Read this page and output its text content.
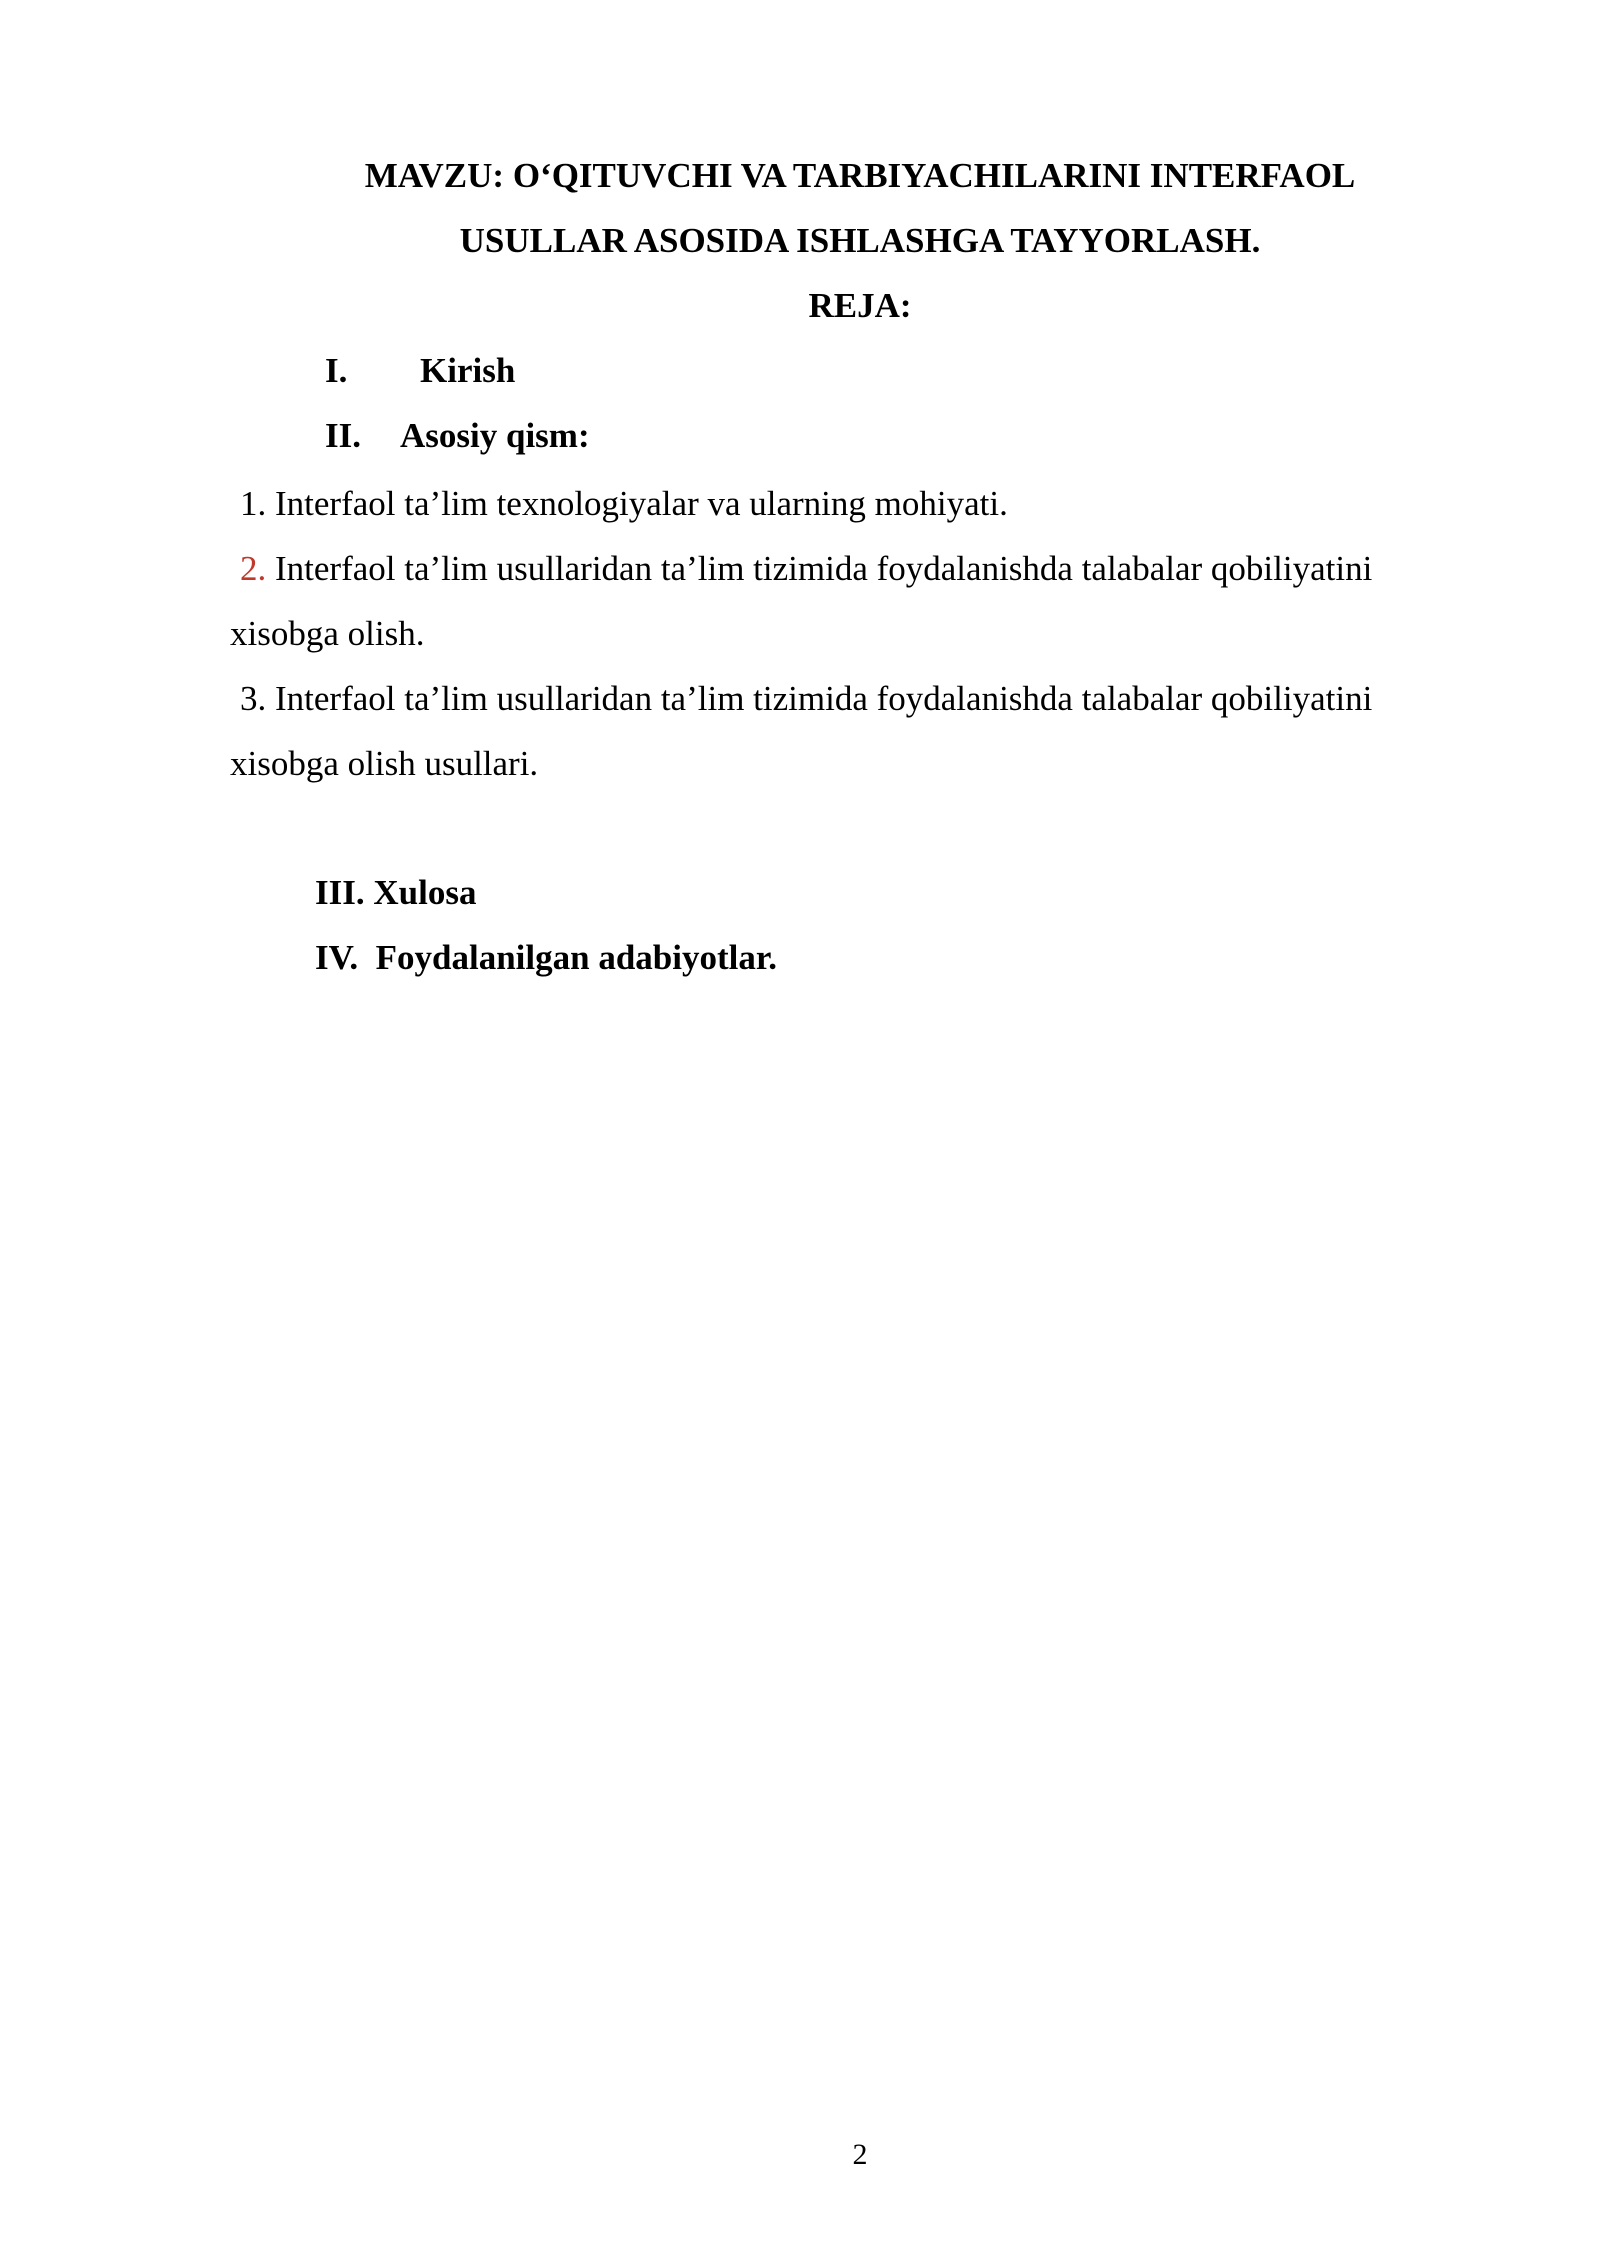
MAVZU: O‘QITUVCHI VA TARBIYACHILARINI INTERFAOL
USULLAR ASOSIDA ISHLASHGA TAYYORLASH.
REJA:
I. Kirish
II. Asosiy qism:
1. Interfaol ta’lim texnologiyalar va ularning mohiyati.
2. Interfaol ta’lim usullaridan ta’lim tizimida foydalanishda talabalar qobiliyatini
xisobga olish.
3. Interfaol ta’lim usullaridan ta’lim tizimida foydalanishda talabalar qobiliyatini
xisobga olish usullari.
III. Xulosa
IV. Foydalanilgan adabiyotlar.
2
